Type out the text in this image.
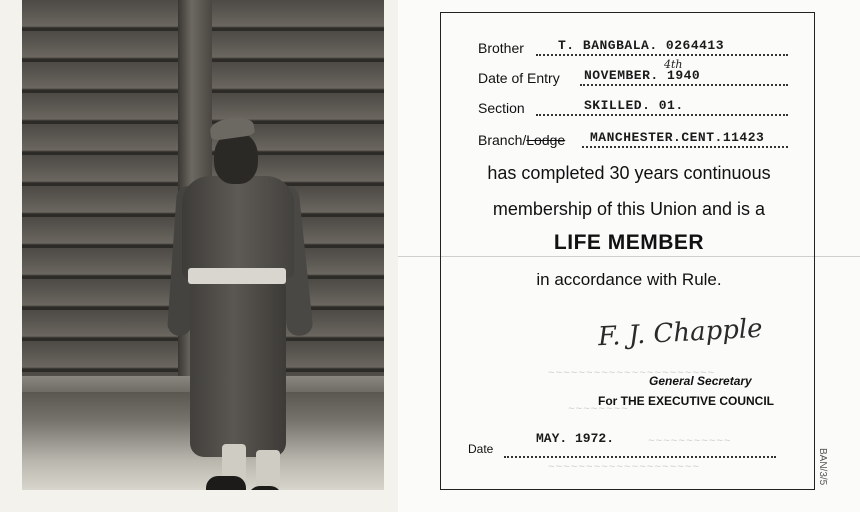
~~~~~~~~~~~~~~~~~~~~~~
~~~~~~~~
~~~~~~~~~~~
~~~~~~~~~~~~~~~~~~~~
Brother	T. BANGBALA. 0264413
Date of Entry NOVEMBER. 1940
4th
Section	SKILLED. 01.
Branch/Lodge MANCHESTER.CENT.11423
has completed 30 years continuous
membership of this Union and is a
LIFE MEMBER
in accordance with Rule.
F. J. Chapple
General Secretary
For THE EXECUTIVE COUNCIL
Date
MAY. 1972.
BAN/3/5
